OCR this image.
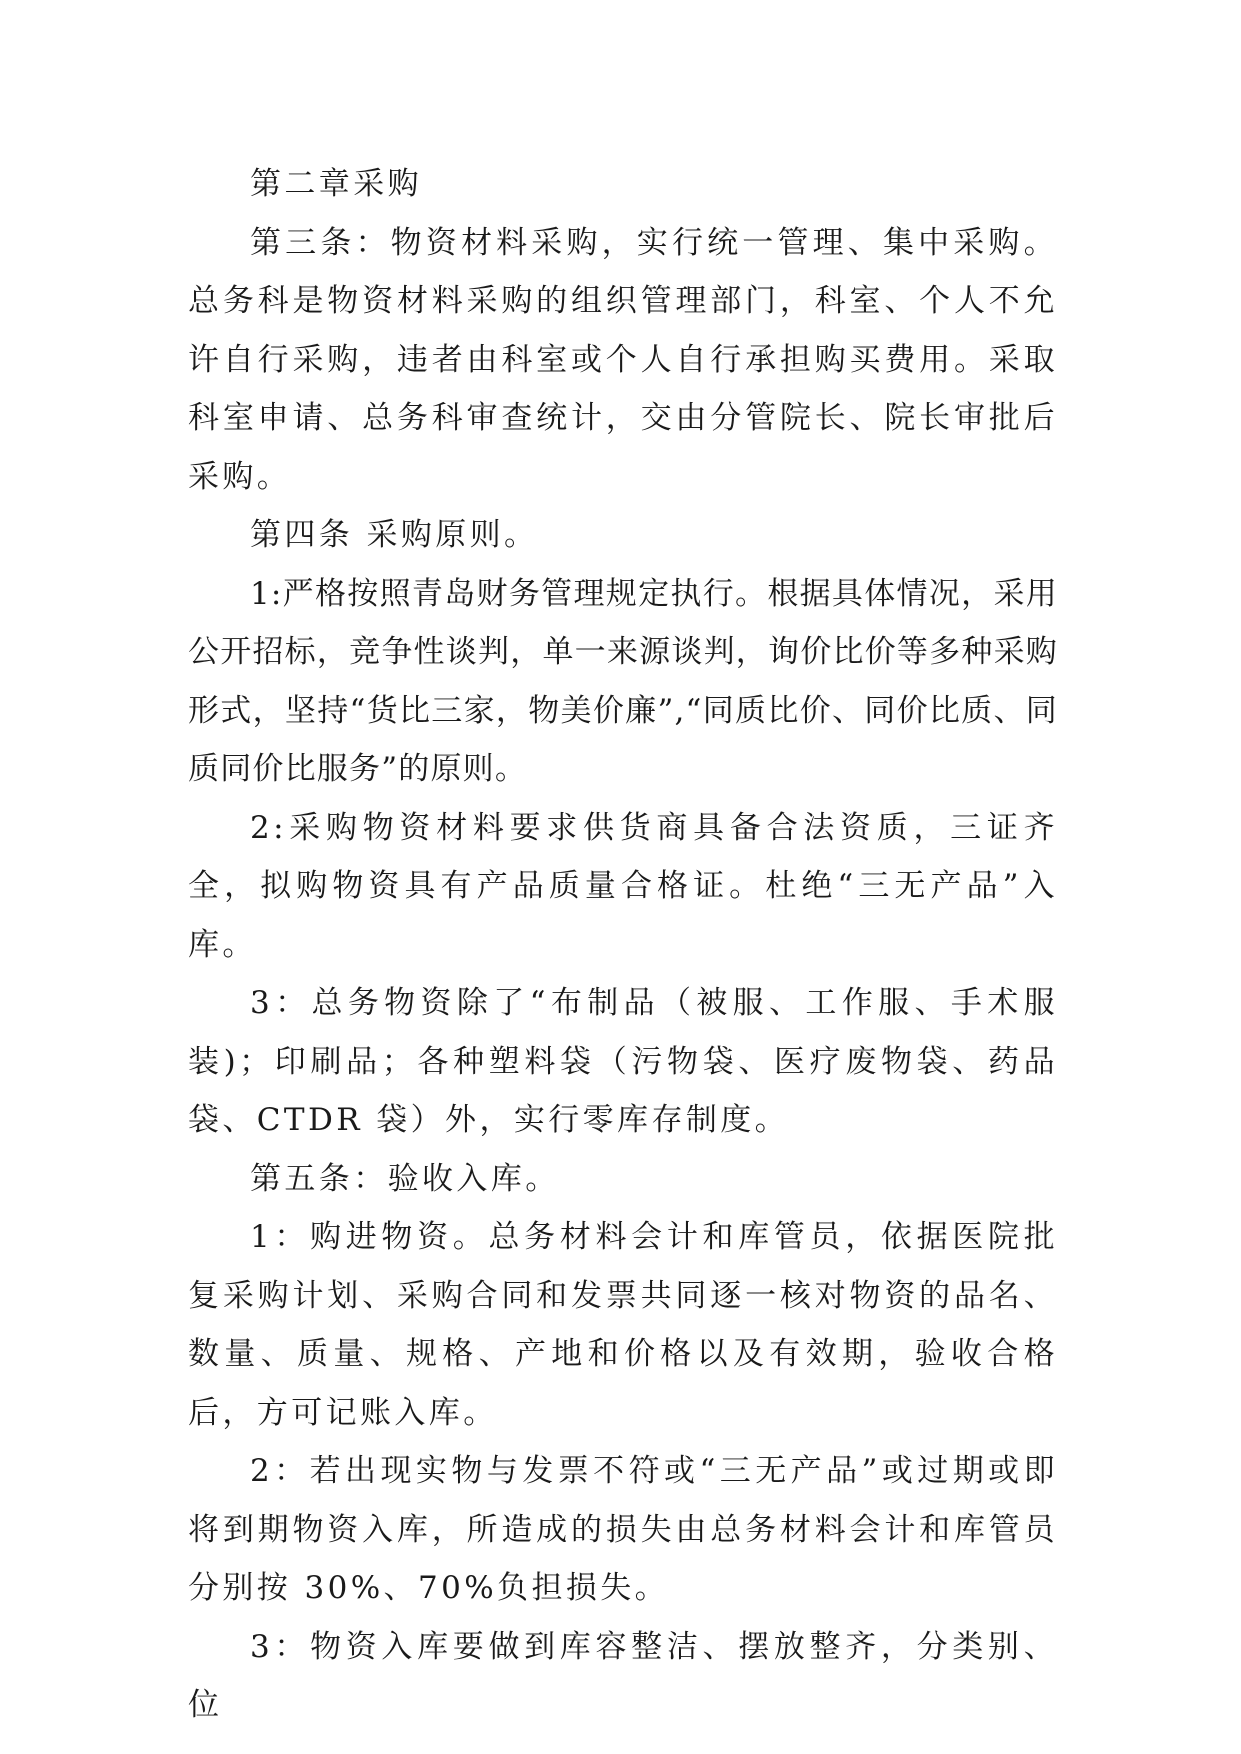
第二章采购

第三条：物资材料采购，实行统一管理、集中采购。总务科是物资材料采购的组织管理部门，科室、个人不允许自行采购，违者由科室或个人自行承担购买费用。采取科室申请、总务科审查统计，交由分管院长、院长审批后采购。

第四条 采购原则。

1:严格按照青岛财务管理规定执行。根据具体情况，采用公开招标，竞争性谈判，单一来源谈判，询价比价等多种采购形式，坚持“货比三家，物美价廉”,“同质比价、同价比质、同质同价比服务”的原则。

2:采购物资材料要求供货商具备合法资质，三证齐全，拟购物资具有产品质量合格证。杜绝“三无产品”入库。

3：总务物资除了“布制品（被服、工作服、手术服装)；印刷品；各种塑料袋（污物袋、医疗废物袋、药品袋、CTDR 袋）外，实行零库存制度。

第五条：验收入库。

1：购进物资。总务材料会计和库管员，依据医院批复采购计划、采购合同和发票共同逐一核对物资的品名、数量、质量、规格、产地和价格以及有效期，验收合格后，方可记账入库。

2：若出现实物与发票不符或“三无产品”或过期或即将到期物资入库，所造成的损失由总务材料会计和库管员分别按 30%、70%负担损失。

3：物资入库要做到库容整洁、摆放整齐，分类别、位
